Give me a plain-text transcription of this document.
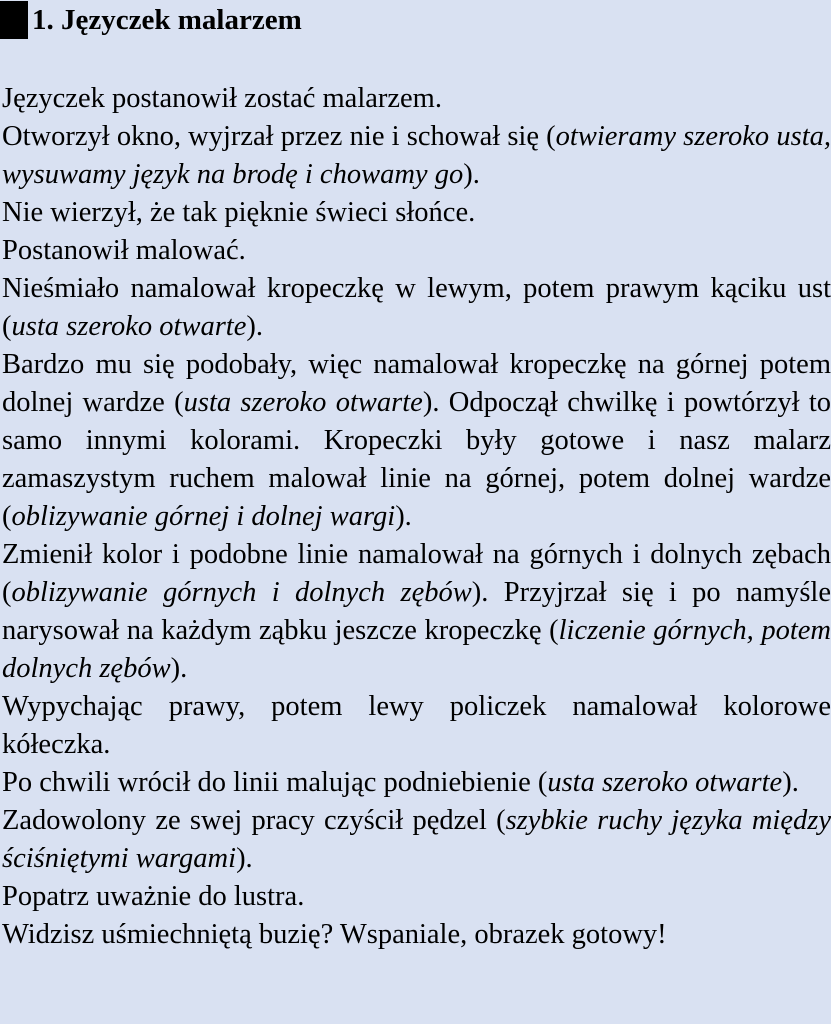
1. Języczek malarzem

Języczek postanowił zostać malarzem.

Otworzył okno, wyjrzał przez nie i schował się (otwieramy szeroko usta, wysuwamy język na brodę i chowamy go).

Nie wierzył, że tak pięknie świeci słońce.

Postanowił malować.

Nieśmiało namalował kropeczkę w lewym, potem prawym kąciku ust (usta szeroko otwarte).

Bardzo mu się podobały, więc namalował kropeczkę na górnej potem dolnej wardze (usta szeroko otwarte). Odpoczął chwilkę i powtórzył to samo innymi kolorami. Kropeczki były gotowe i nasz malarz zamaszystym ruchem malował linie na górnej, potem dolnej wardze (oblizywanie górnej i dolnej wargi).

Zmienił kolor i podobne linie namalował na górnych i dolnych zębach (oblizywanie górnych i dolnych zębów). Przyjrzał się i po namyśle narysował na każdym ząbku jeszcze kropeczkę (liczenie górnych, potem dolnych zębów).

Wypychając prawy, potem lewy policzek namalował kolorowe kółeczka.

Po chwili wrócił do linii malując podniebienie (usta szeroko otwarte).

Zadowolony ze swej pracy czyścił pędzel (szybkie ruchy języka między ściśniętymi wargami).

Popatrz uważnie do lustra.

Widzisz uśmiechniętą buzię? Wspaniale, obrazek gotowy!
